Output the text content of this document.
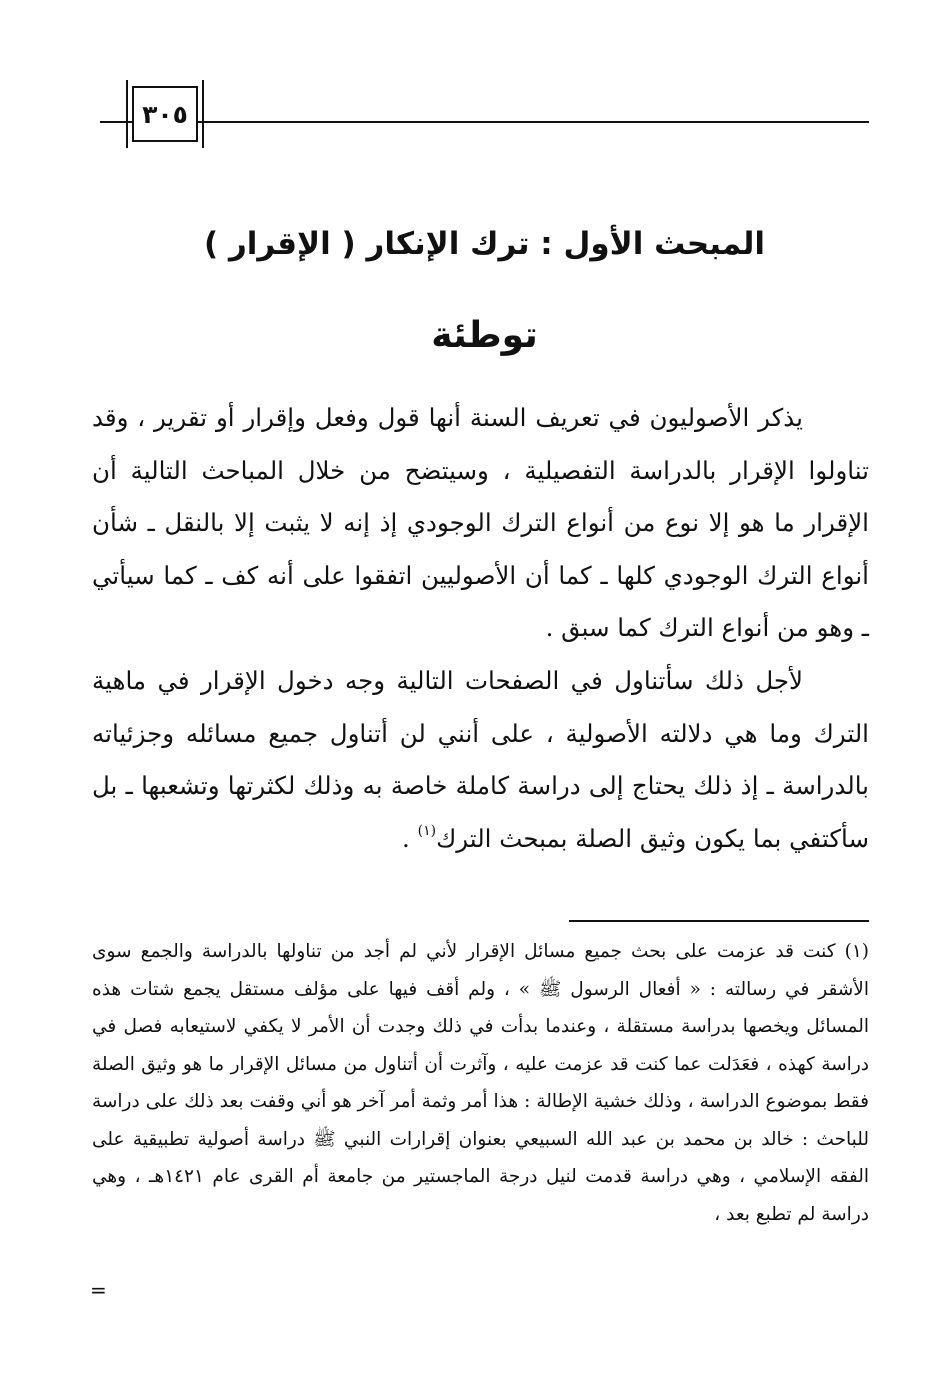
٣٠٥
المبحث الأول : ترك الإنكار ( الإقرار )
توطئة

يذكر الأصوليون في تعريف السنة أنها قول وفعل وإقرار أو تقرير ، وقد تناولوا الإقرار بالدراسة التفصيلية ، وسيتضح من خلال المباحث التالية أن الإقرار ما هو إلا نوع من أنواع الترك الوجودي إذ إنه لا يثبت إلا بالنقل ـ شأن أنواع الترك الوجودي كلها ـ كما أن الأصوليين اتفقوا على أنه كف ـ كما سيأتي ـ وهو من أنواع الترك كما سبق .

لأجل ذلك سأتناول في الصفحات التالية وجه دخول الإقرار في ماهية الترك وما هي دلالته الأصولية ، على أنني لن أتناول جميع مسائله وجزئياته بالدراسة ـ إذ ذلك يحتاج إلى دراسة كاملة خاصة به وذلك لكثرتها وتشعبها ـ بل سأكتفي بما يكون وثيق الصلة بمبحث الترك$^{(١)}$ .

(١) كنت قد عزمت على بحث جميع مسائل الإقرار لأني لم أجد من تناولها بالدراسة والجمع سوى الأشقر في رسالته : « أفعال الرسول ﷺ » ، ولم أقف فيها على مؤلف مستقل يجمع شتات هذه المسائل ويخصها بدراسة مستقلة ، وعندما بدأت في ذلك وجدت أن الأمر لا يكفي لاستيعابه فصل في دراسة كهذه ، فعَدَلت عما كنت قد عزمت عليه ، وآثرت أن أتناول من مسائل الإقرار ما هو وثيق الصلة فقط بموضوع الدراسة ، وذلك خشية الإطالة : هذا أمر وثمة أمر آخر هو أني وقفت بعد ذلك على دراسة للباحث : خالد بن محمد بن عبد الله السبيعي بعنوان إقرارات النبي ﷺ دراسة أصولية تطبيقية على الفقه الإسلامي ، وهي دراسة قدمت لنيل درجة الماجستير من جامعة أم القرى عام ١٤٢١هـ ، وهي دراسة لم تطبع بعد ،

=
